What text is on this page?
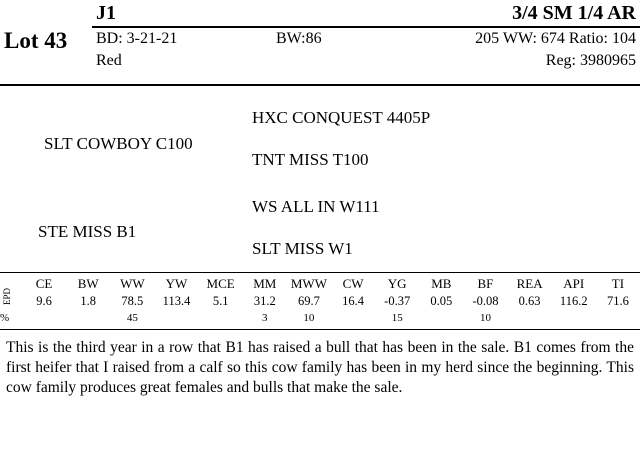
Lot 43
J1	3/4 SM 1/4 AR
BD: 3-21-21	BW:86	205 WW: 674 Ratio: 104
Red	Reg: 3980965
SLT COWBOY C100
HXC CONQUEST 4405P
TNT MISS T100
STE MISS B1
WS ALL IN W111
SLT MISS W1
EPD
	CE	BW	WW	YW	MCE	MM	MWW	CW	YG	MB	BF	REA	API	TI
	9.6	1.8	78.5	113.4	5.1	31.2	69.7	16.4	-0.37	0.05	-0.08	0.63	116.2	71.6
%			45			3	10		15		10			
This is the third year in a row that B1 has raised a bull that has been in the sale. B1 comes from the first heifer that I raised from a calf so this cow family has been in my herd since the beginning. This cow family produces great females and bulls that make the sale.
